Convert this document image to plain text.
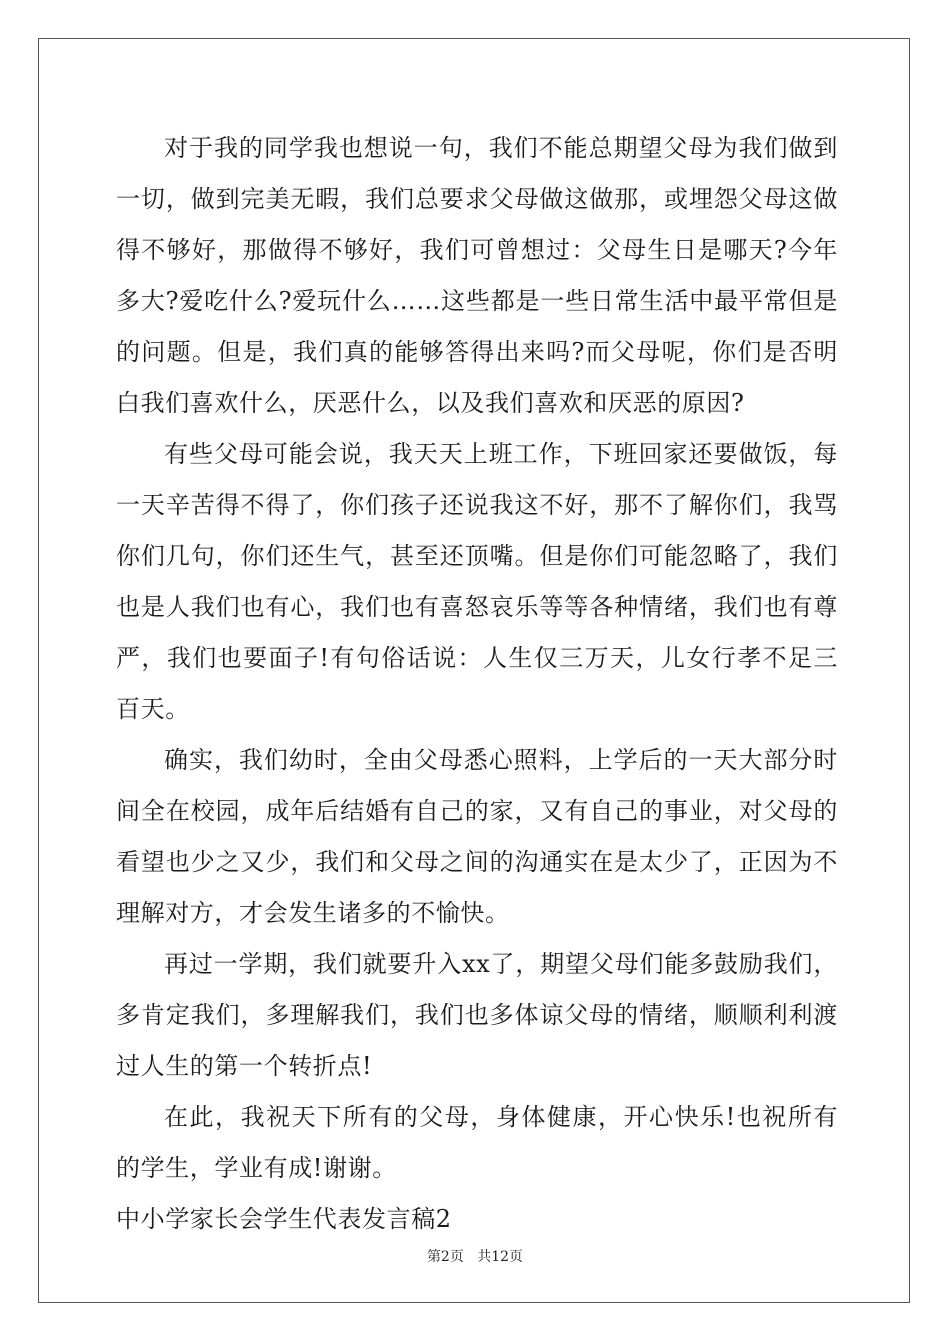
对于我的同学我也想说一句，我们不能总期望父母为我们做到一切，做到完美无暇，我们总要求父母做这做那，或埋怨父母这做得不够好，那做得不够好，我们可曾想过：父母生日是哪天?今年多大?爱吃什么?爱玩什么……这些都是一些日常生活中最平常但是的问题。但是，我们真的能够答得出来吗?而父母呢，你们是否明白我们喜欢什么，厌恶什么，以及我们喜欢和厌恶的原因?

有些父母可能会说，我天天上班工作，下班回家还要做饭，每一天辛苦得不得了，你们孩子还说我这不好，那不了解你们，我骂你们几句，你们还生气，甚至还顶嘴。但是你们可能忽略了，我们也是人我们也有心，我们也有喜怒哀乐等等各种情绪，我们也有尊严，我们也要面子!有句俗话说：人生仅三万天，儿女行孝不足三百天。

确实，我们幼时，全由父母悉心照料，上学后的一天大部分时间全在校园，成年后结婚有自己的家，又有自己的事业，对父母的看望也少之又少，我们和父母之间的沟通实在是太少了，正因为不理解对方，才会发生诸多的不愉快。

再过一学期，我们就要升入xx了，期望父母们能多鼓励我们，多肯定我们，多理解我们，我们也多体谅父母的情绪，顺顺利利渡过人生的第一个转折点!

在此，我祝天下所有的父母，身体健康，开心快乐!也祝所有的学生，学业有成!谢谢。

中小学家长会学生代表发言稿2

第2页 共12页
